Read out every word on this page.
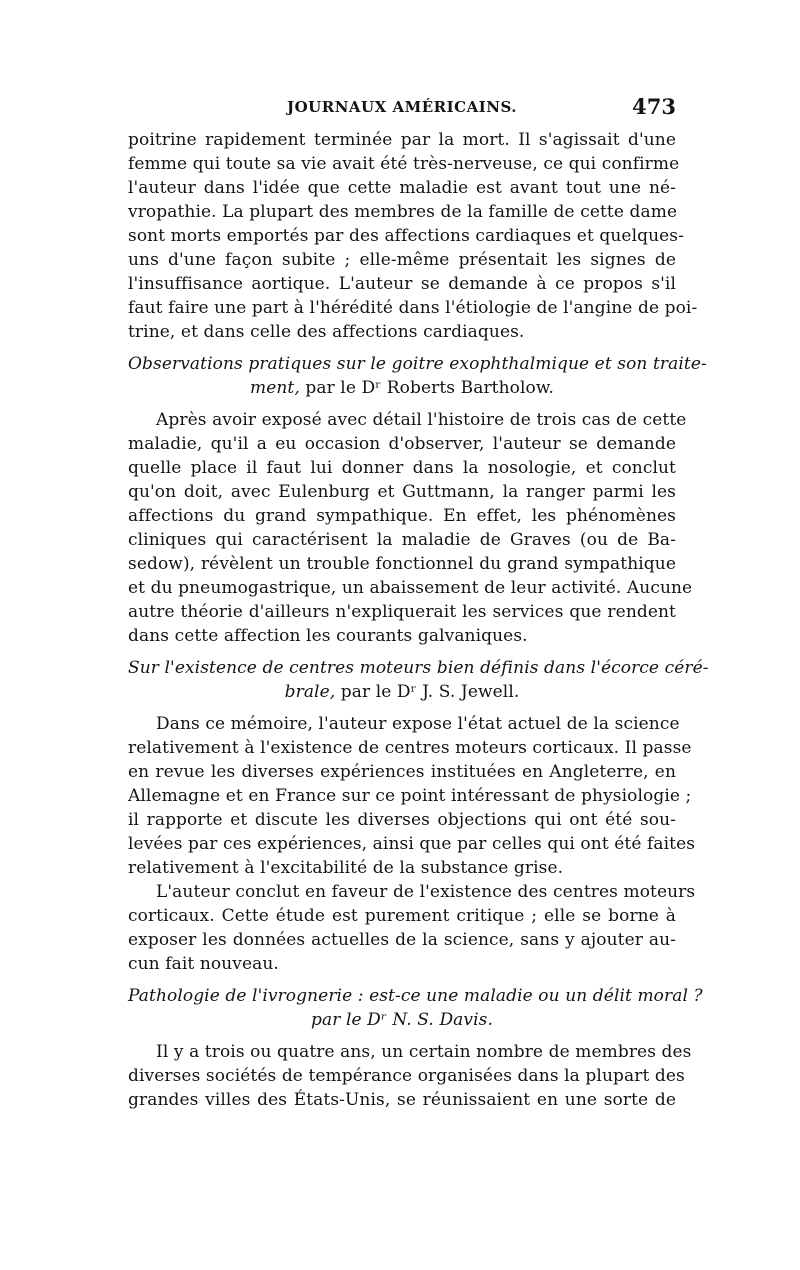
JOURNAUX AMÉRICAINS.	473
poitrine rapidement terminée par la mort. Il s'agissait d'une
femme qui toute sa vie avait été très-nerveuse, ce qui confirme
l'auteur dans l'idée que cette maladie est avant tout une né-
vropathie. La plupart des membres de la famille de cette dame
sont morts emportés par des affections cardiaques et quelques-
uns d'une façon subite ; elle-même présentait les signes de
l'insuffisance aortique. L'auteur se demande à ce propos s'il
faut faire une part à l'hérédité dans l'étiologie de l'angine de poi-
trine, et dans celle des affections cardiaques.
Observations pratiques sur le goitre exophthalmique et son traite-
ment, par le Dʳ Roberts Bartholow.
Après avoir exposé avec détail l'histoire de trois cas de cette
maladie, qu'il a eu occasion d'observer, l'auteur se demande
quelle place il faut lui donner dans la nosologie, et conclut
qu'on doit, avec Eulenburg et Guttmann, la ranger parmi les
affections du grand sympathique. En effet, les phénomènes
cliniques qui caractérisent la maladie de Graves (ou de Ba-
sedow), révèlent un trouble fonctionnel du grand sympathique
et du pneumogastrique, un abaissement de leur activité. Aucune
autre théorie d'ailleurs n'expliquerait les services que rendent
dans cette affection les courants galvaniques.
Sur l'existence de centres moteurs bien définis dans l'écorce céré-
brale, par le Dʳ J. S. Jewell.
Dans ce mémoire, l'auteur expose l'état actuel de la science
relativement à l'existence de centres moteurs corticaux. Il passe
en revue les diverses expériences instituées en Angleterre, en
Allemagne et en France sur ce point intéressant de physiologie ;
il rapporte et discute les diverses objections qui ont été sou-
levées par ces expériences, ainsi que par celles qui ont été faites
relativement à l'excitabilité de la substance grise.
L'auteur conclut en faveur de l'existence des centres moteurs
corticaux. Cette étude est purement critique ; elle se borne à
exposer les données actuelles de la science, sans y ajouter au-
cun fait nouveau.
Pathologie de l'ivrognerie : est-ce une maladie ou un délit moral ?
par le Dʳ N. S. Davis.
Il y a trois ou quatre ans, un certain nombre de membres des
diverses sociétés de tempérance organisées dans la plupart des
grandes villes des États-Unis, se réunissaient en une sorte de
